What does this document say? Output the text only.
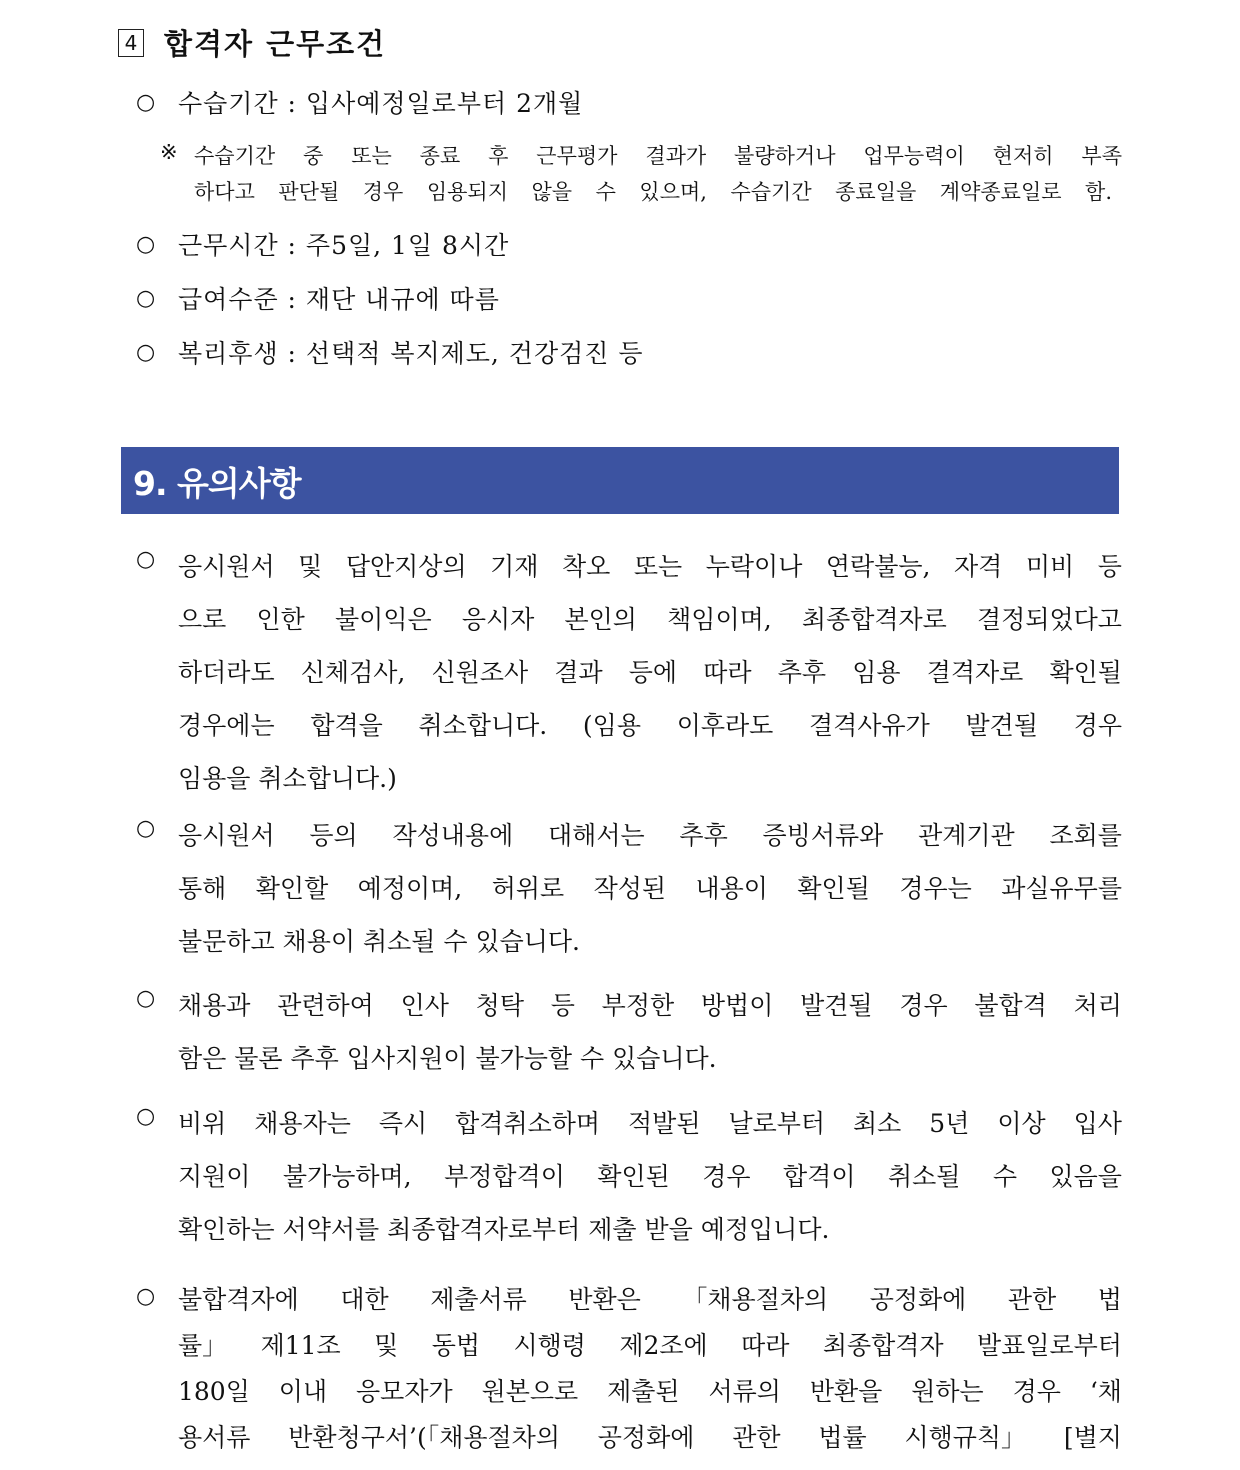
4 합격자 근무조건
○ 수습기간 : 입사예정일로부터 2개월
※ 수습기간 중 또는 종료 후 근무평가 결과가 불량하거나 업무능력이 현저히 부족
하다고 판단될 경우 임용되지 않을 수 있으며, 수습기간 종료일을 계약종료일로 함.
○ 근무시간 : 주5일, 1일 8시간
○ 급여수준 : 재단 내규에 따름
○ 복리후생 : 선택적 복지제도, 건강검진 등
9. 유의사항
○ 응시원서 및 답안지상의 기재 착오 또는 누락이나 연락불능, 자격 미비 등
으로 인한 불이익은 응시자 본인의 책임이며, 최종합격자로 결정되었다고
하더라도 신체검사, 신원조사 결과 등에 따라 추후 임용 결격자로 확인될
경우에는 합격을 취소합니다. (임용 이후라도 결격사유가 발견될 경우
임용을 취소합니다.)
○ 응시원서 등의 작성내용에 대해서는 추후 증빙서류와 관계기관 조회를
통해 확인할 예정이며, 허위로 작성된 내용이 확인될 경우는 과실유무를
불문하고 채용이 취소될 수 있습니다.
○ 채용과 관련하여 인사 청탁 등 부정한 방법이 발견될 경우 불합격 처리
함은 물론 추후 입사지원이 불가능할 수 있습니다.
○ 비위 채용자는 즉시 합격취소하며 적발된 날로부터 최소 5년 이상 입사
지원이 불가능하며, 부정합격이 확인된 경우 합격이 취소될 수 있음을
확인하는 서약서를 최종합격자로부터 제출 받을 예정입니다.
○ 불합격자에 대한 제출서류 반환은 「채용절차의 공정화에 관한 법
률」 제11조 및 동법 시행령 제2조에 따라 최종합격자 발표일로부터
180일 이내 응모자가 원본으로 제출된 서류의 반환을 원하는 경우 ‘채
용서류 반환청구서’(「채용절차의 공정화에 관한 법률 시행규칙」 [별지
